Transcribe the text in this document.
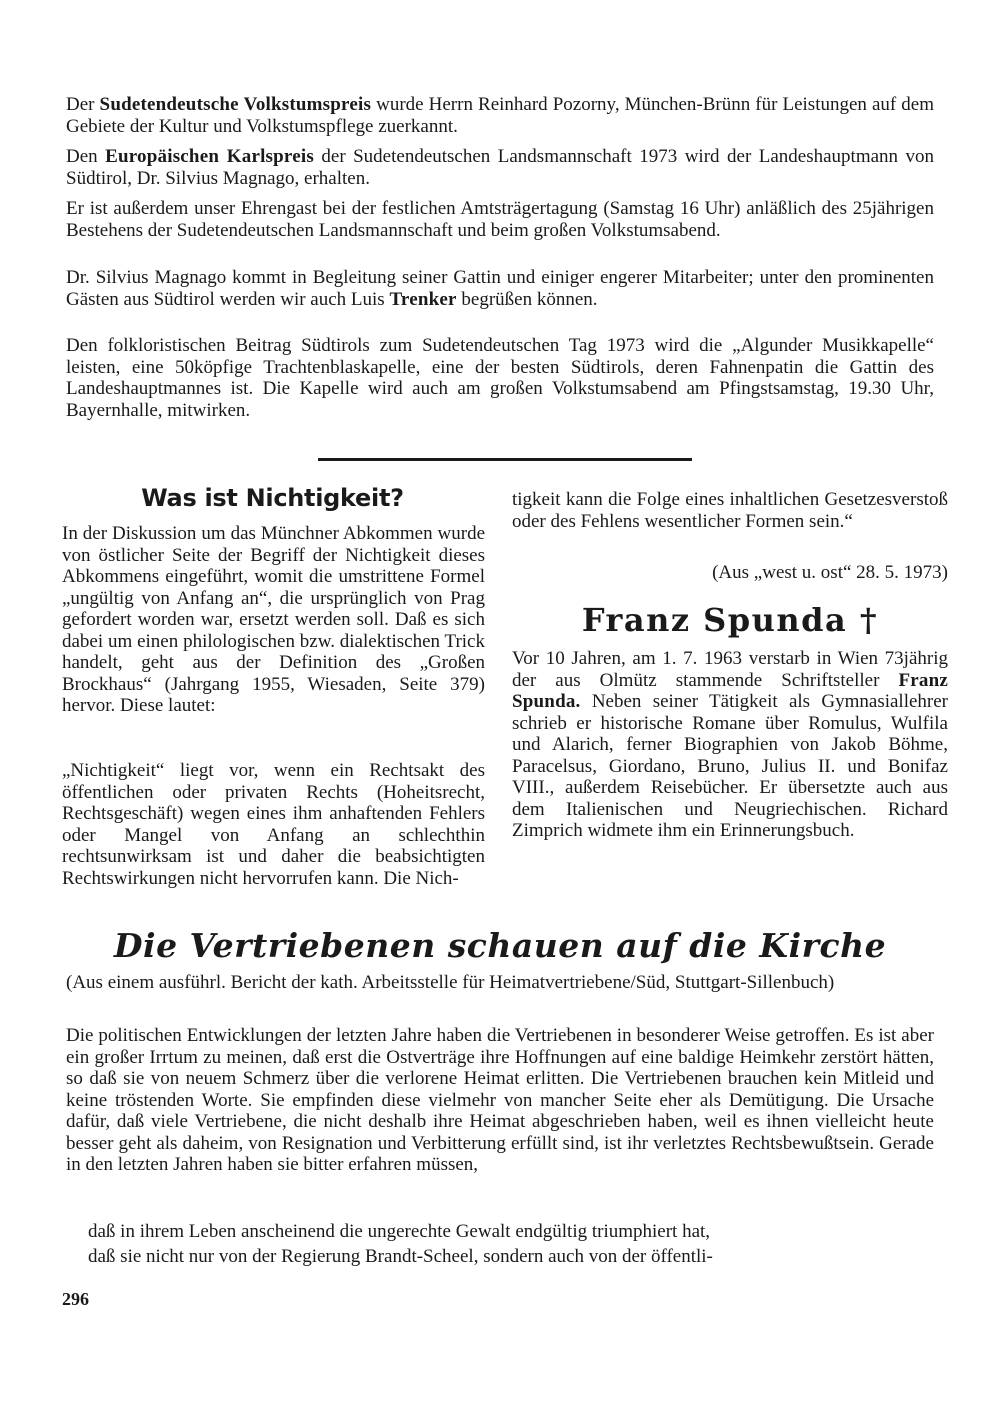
Der Sudetendeutsche Volkstumspreis wurde Herrn Reinhard Pozorny, München-Brünn für Leistungen auf dem Gebiete der Kultur und Volkstumspflege zuerkannt.

Den Europäischen Karlspreis der Sudetendeutschen Landsmannschaft 1973 wird der Landeshauptmann von Südtirol, Dr. Silvius Magnago, erhalten.

Er ist außerdem unser Ehrengast bei der festlichen Amtsträgertagung (Samstag 16 Uhr) anläßlich des 25jährigen Bestehens der Sudetendeutschen Landsmannschaft und beim großen Volkstumsabend.

Dr. Silvius Magnago kommt in Begleitung seiner Gattin und einiger engerer Mitarbeiter; unter den prominenten Gästen aus Südtirol werden wir auch Luis Trenker begrüßen können.

Den folkloristischen Beitrag Südtirols zum Sudetendeutschen Tag 1973 wird die „Algunder Musikkapelle“ leisten, eine 50köpfige Trachtenblaskapelle, eine der besten Südtirols, deren Fahnenpatin die Gattin des Landeshauptmannes ist. Die Kapelle wird auch am großen Volkstumsabend am Pfingstsamstag, 19.30 Uhr, Bayernhalle, mitwirken.

Was ist Nichtigkeit?

In der Diskussion um das Münchner Abkommen wurde von östlicher Seite der Begriff der Nichtigkeit dieses Abkommens eingeführt, womit die umstrittene Formel „ungültig von Anfang an“, die ursprünglich von Prag gefordert worden war, ersetzt werden soll. Daß es sich dabei um einen philologischen bzw. dialektischen Trick handelt, geht aus der Definition des „Großen Brockhaus“ (Jahrgang 1955, Wiesaden, Seite 379) hervor. Diese lautet:

„Nichtigkeit“ liegt vor, wenn ein Rechtsakt des öffentlichen oder privaten Rechts (Hoheitsrecht, Rechtsgeschäft) wegen eines ihm anhaftenden Fehlers oder Mangel von Anfang an schlechthin rechtsunwirksam ist und daher die beabsichtigten Rechtswirkungen nicht hervorrufen kann. Die Nich-

tigkeit kann die Folge eines inhaltlichen Gesetzesverstoß oder des Fehlens wesentlicher Formen sein.“

(Aus „west u. ost“ 28. 5. 1973)

Franz Spunda †

Vor 10 Jahren, am 1. 7. 1963 verstarb in Wien 73jährig der aus Olmütz stammende Schriftsteller Franz Spunda. Neben seiner Tätigkeit als Gymnasiallehrer schrieb er historische Romane über Romulus, Wulfila und Alarich, ferner Biographien von Jakob Böhme, Paracelsus, Giordano, Bruno, Julius II. und Bonifaz VIII., außerdem Reisebücher. Er übersetzte auch aus dem Italienischen und Neugriechischen. Richard Zimprich widmete ihm ein Erinnerungsbuch.

Die Vertriebenen schauen auf die Kirche

(Aus einem ausführl. Bericht der kath. Arbeitsstelle für Heimatvertriebene/Süd, Stuttgart-Sillenbuch)

Die politischen Entwicklungen der letzten Jahre haben die Vertriebenen in besonderer Weise getroffen. Es ist aber ein großer Irrtum zu meinen, daß erst die Ostverträge ihre Hoffnungen auf eine baldige Heimkehr zerstört hätten, so daß sie von neuem Schmerz über die verlorene Heimat erlitten. Die Vertriebenen brauchen kein Mitleid und keine tröstenden Worte. Sie empfinden diese vielmehr von mancher Seite eher als Demütigung. Die Ursache dafür, daß viele Vertriebene, die nicht deshalb ihre Heimat abgeschrieben haben, weil es ihnen vielleicht heute besser geht als daheim, von Resignation und Verbitterung erfüllt sind, ist ihr verletztes Rechtsbewußtsein. Gerade in den letzten Jahren haben sie bitter erfahren müssen,

daß in ihrem Leben anscheinend die ungerechte Gewalt endgültig triumphiert hat,

daß sie nicht nur von der Regierung Brandt-Scheel, sondern auch von der öffentli-

296
